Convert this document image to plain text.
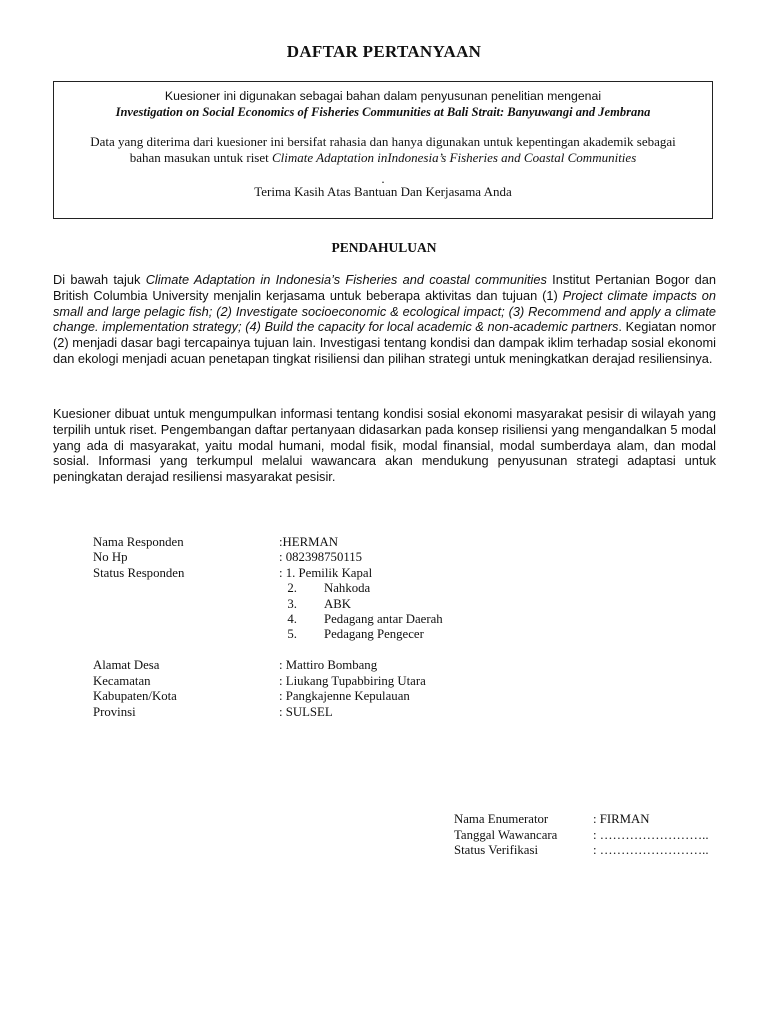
DAFTAR PERTANYAAN
Kuesioner ini digunakan sebagai bahan dalam penyusunan penelitian mengenai
Investigation on Social Economics of Fisheries Communities at Bali Strait: Banyuwangi and Jembrana
Data yang diterima dari kuesioner ini bersifat rahasia dan hanya digunakan untuk kepentingan akademik sebagai
bahan masukan untuk riset Climate Adaptation inIndonesia’s Fisheries and Coastal Communities
.
Terima Kasih Atas Bantuan Dan Kerjasama Anda
PENDAHULUAN
Di bawah tajuk Climate Adaptation in Indonesia’s Fisheries and coastal communities Institut Pertanian Bogor dan British Columbia University menjalin kerjasama untuk beberapa aktivitas dan tujuan (1) Project climate impacts on small and large pelagic fish; (2) Investigate socioeconomic & ecological impact; (3) Recommend and apply a climate change. implementation strategy; (4) Build the capacity for local academic & non-academic partners. Kegiatan nomor (2) menjadi dasar bagi tercapainya tujuan lain. Investigasi tentang kondisi dan dampak iklim terhadap sosial ekonomi dan ekologi menjadi acuan penetapan tingkat risiliensi dan pilihan strategi untuk meningkatkan derajad resiliensinya.
Kuesioner dibuat untuk mengumpulkan informasi tentang kondisi sosial ekonomi masyarakat pesisir di wilayah yang terpilih untuk riset. Pengembangan daftar pertanyaan didasarkan pada konsep risiliensi yang mengandalkan 5 modal yang ada di masyarakat, yaitu modal humani, modal fisik, modal finansial, modal sumberdaya alam, dan modal sosial. Informasi yang terkumpul melalui wawancara akan mendukung penyusunan strategi adaptasi untuk peningkatan derajad resiliensi masyarakat pesisir.
Nama Responden	:HERMAN
No Hp	: 082398750115
Status Responden	: 1. Pemilik Kapal
2. Nahkoda
3. ABK
4. Pedagang antar Daerah
5. Pedagang Pengecer
Alamat Desa	: Mattiro Bombang
Kecamatan	: Liukang Tupabbiring Utara
Kabupaten/Kota	: Pangkajenne Kepulauan
Provinsi	: SULSEL
Nama Enumerator	: FIRMAN
Tanggal Wawancara	: ……………………..
Status Verifikasi	: ……………………..
